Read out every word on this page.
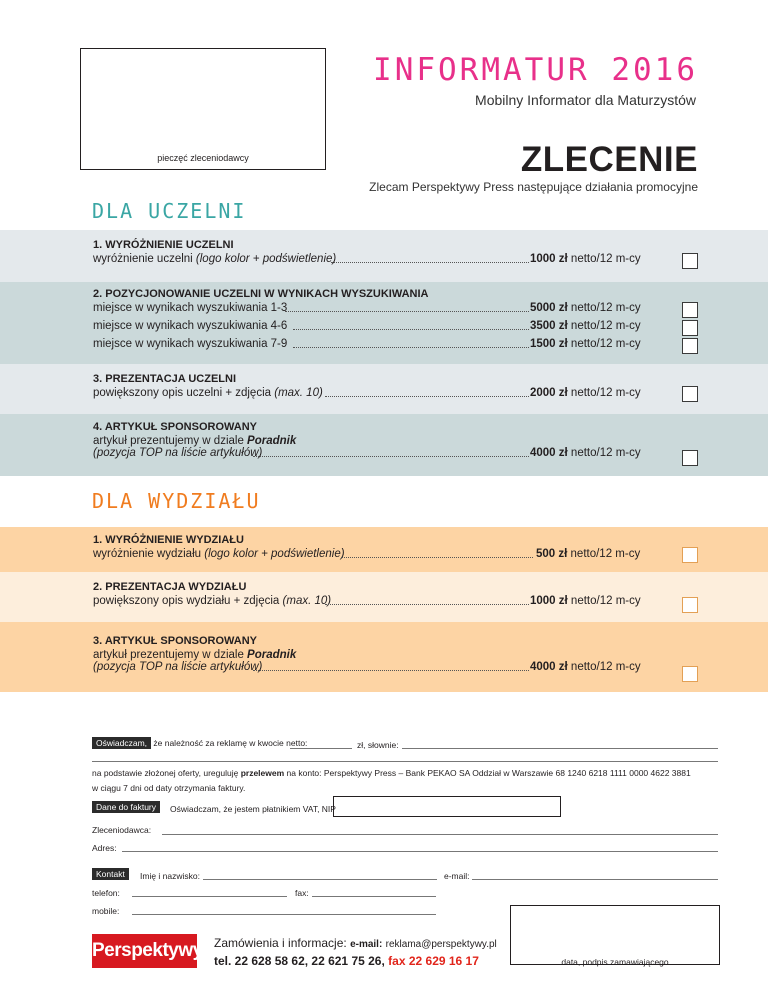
pieczęć zleceniodawcy
INFORMATUR 2016
Mobilny Informator dla Maturzystów
ZLECENIE
Zlecam Perspektywy Press następujące działania promocyjne
DLA UCZELNI
1. WYRÓŻNIENIE UCZELNI
wyróżnienie uczelni (logo kolor + podświetlenie)	1000 zł netto/12 m-cy
2. POZYCJONOWANIE UCZELNI W WYNIKACH WYSZUKIWANIA
miejsce w wynikach wyszukiwania 1-3	5000 zł netto/12 m-cy
miejsce w wynikach wyszukiwania 4-6	3500 zł netto/12 m-cy
miejsce w wynikach wyszukiwania 7-9	1500 zł netto/12 m-cy
3. PREZENTACJA UCZELNI
powiększony opis uczelni + zdjęcia (max. 10)	2000 zł netto/12 m-cy
4. ARTYKUŁ SPONSOROWANY
artykuł prezentujemy w dziale Poradnik
(pozycja TOP na liście artykułów)	4000 zł netto/12 m-cy
DLA WYDZIAŁU
1. WYRÓŻNIENIE WYDZIAŁU
wyróżnienie wydziału (logo kolor + podświetlenie)	500 zł netto/12 m-cy
2. PREZENTACJA WYDZIAŁU
powiększony opis wydziału + zdjęcia (max. 10)	1000 zł netto/12 m-cy
3. ARTYKUŁ SPONSOROWANY
artykuł prezentujemy w dziale Poradnik
(pozycja TOP na liście artykułów)	4000 zł netto/12 m-cy
Oświadczam, że należność za reklamę w kwocie netto:	zł, słownie:
na podstawie złożonej oferty, ureguluję przelewem na konto: Perspektywy Press – Bank PEKAO SA Oddział w Warszawie 68 1240 6218 1111 0000 4622 3881
w ciągu 7 dni od daty otrzymania faktury.
Dane do faktury	Oświadczam, że jestem płatnikiem VAT, NIP
Zleceniodawca:
Adres:
Kontakt	Imię i nazwisko:	e-mail:
telefon:	fax:
mobile:
data, podpis zamawiającego
Perspektywy Zamówienia i informacje: e-mail: reklama@perspektywy.pl
tel. 22 628 58 62, 22 621 75 26, fax 22 629 16 17
